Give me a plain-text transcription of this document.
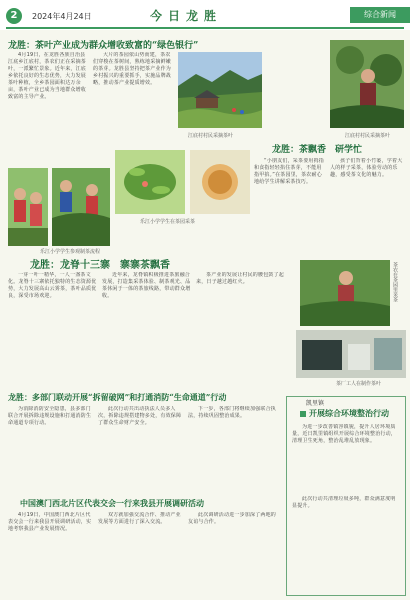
2	2024年4月24日	今日龙胜	综合新闻
龙胜：茶叶产业成为群众增收致富的“绿色银行”
4月19日，在龙胜各族自治县江底乡江底村，茶农们正在采摘茶叶，一派繁忙景象。近年来，江底乡依托良好的生态优势，大力发展茶叶种植，全乡茶园面积达万余亩，茶叶产业已成为当地群众增收致富的主导产业。
大片的茶园依山势而建，茶农们穿梭在茶树间，熟练地采摘鲜嫩的茶芽。龙胜县坚持把茶产业作为乡村振兴的重要抓手，实施品牌战略，推动茶产业提质增效。
江底村村民采摘茶叶	江底村村民采摘茶叶
龙胜：茶飘香　研学忙
乐江小学学生在茶园采茶
“小朋友们，采茶要用拇指和食指轻轻掐住茶芽，不能用指甲掐。”在茶园里，茶农耐心地给学生讲解采茶技巧。
孩子们背着小竹篓，学着大人的样子采茶，体验劳动的乐趣，感受茶文化的魅力。
乐江小学学生参观制茶流程
龙胜：龙脊十三寨　寨寨茶飘香
一芽一叶一精华，一人一盏茶文化。龙脊十三寨依托独特的生态资源优势，大力发展高山云雾茶，茶叶品质优良，深受市场欢迎。
近年来，龙脊镇积极推进茶旅融合发展，打造集采茶体验、制茶观光、品茶休闲于一体的茶旅线路，带动群众增收。
茶产业的发展让村民的腰包鼓了起来，日子越过越红火。	茶农在茶园里采茶
茶厂工人在制作茶叶
龙胜：多部门联动开展“拆留破网”和打通消防“生命通道”行动
为消除消防安全隐患，县多部门联合开展拆除违规设施和打通消防生命通道专项行动。
此次行动共出动执法人员多人次，拆除违规搭建物多处，有效保障了群众生命财产安全。
下一步，各部门将继续加强联合执法，持续巩固整治成果。
凯里镇
开展综合环境整治行动
为进一步改善镇容镇貌，提升人居环境质量，近日凯里镇组织开展综合环境整治行动，清理卫生死角，整治乱堆乱放现象。
此次行动共清理垃圾多吨，群众满意度明显提升。
中国澳门西北片区代表交会一行来我县开展调研活动
4月19日，中国澳门西北片区代表交会一行来我县开展调研活动，实地考察我县产业发展情况。
双方就加强交流合作、推动产业发展等方面进行了深入交流。
此次调研活动进一步加深了两地的友谊与合作。
